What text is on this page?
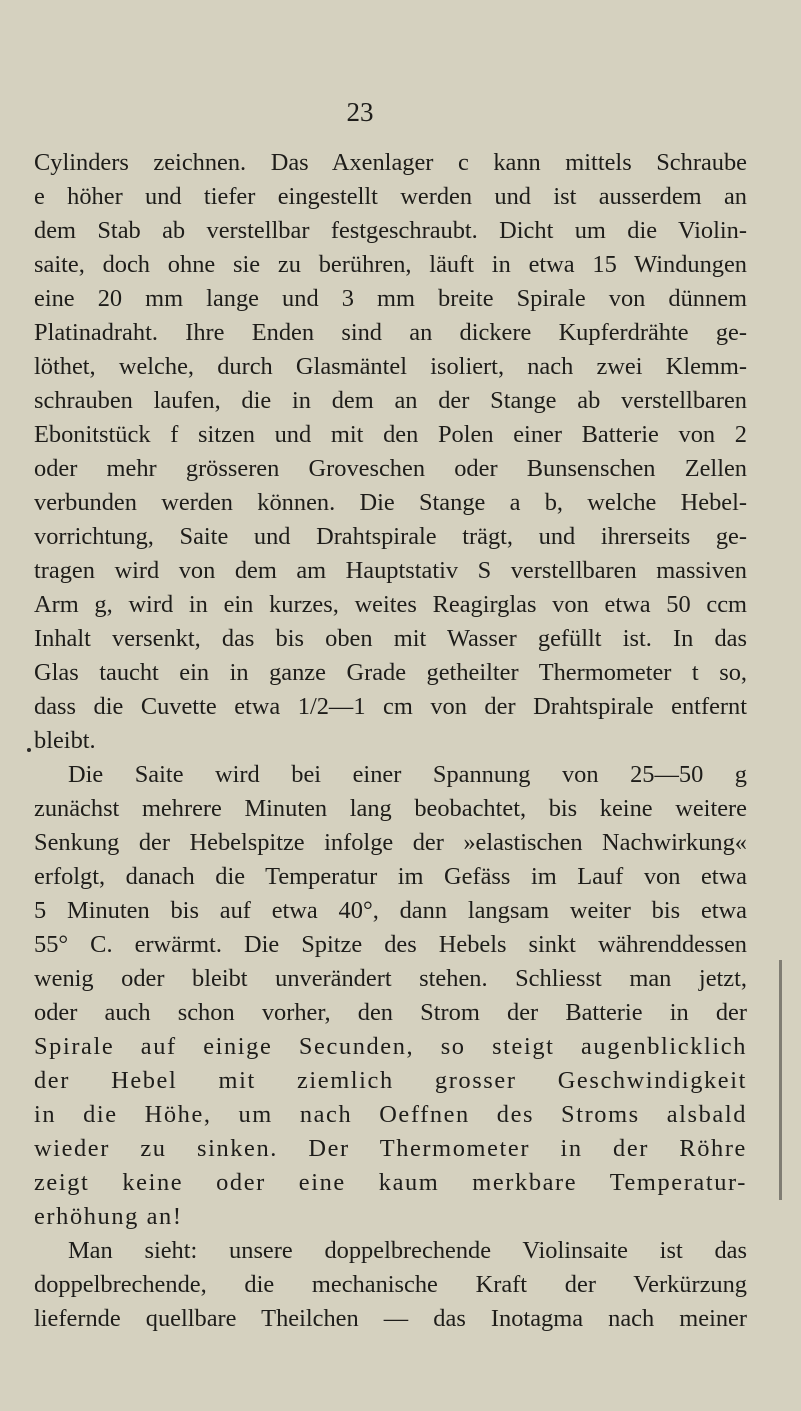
23
Cylinders zeichnen. Das Axenlager c kann mittels Schraube
e höher und tiefer eingestellt werden und ist ausserdem an
dem Stab ab verstellbar festgeschraubt. Dicht um die Violin-
saite, doch ohne sie zu berühren, läuft in etwa 15 Windungen
eine 20 mm lange und 3 mm breite Spirale von dünnem
Platinadraht. Ihre Enden sind an dickere Kupferdrähte ge-
löthet, welche, durch Glasmäntel isoliert, nach zwei Klemm-
schrauben laufen, die in dem an der Stange ab verstellbaren
Ebonitstück f sitzen und mit den Polen einer Batterie von 2
oder mehr grösseren Groveschen oder Bunsenschen Zellen
verbunden werden können. Die Stange a b, welche Hebel-
vorrichtung, Saite und Drahtspirale trägt, und ihrerseits ge-
tragen wird von dem am Hauptstativ S verstellbaren massiven
Arm g, wird in ein kurzes, weites Reagirglas von etwa 50 ccm
Inhalt versenkt, das bis oben mit Wasser gefüllt ist. In das
Glas taucht ein in ganze Grade getheilter Thermometer t so,
dass die Cuvette etwa 1/2—1 cm von der Drahtspirale entfernt
bleibt.
Die Saite wird bei einer Spannung von 25—50 g
zunächst mehrere Minuten lang beobachtet, bis keine weitere
Senkung der Hebelspitze infolge der »elastischen Nachwirkung«
erfolgt, danach die Temperatur im Gefäss im Lauf von etwa
5 Minuten bis auf etwa 40°, dann langsam weiter bis etwa
55° C. erwärmt. Die Spitze des Hebels sinkt währenddessen
wenig oder bleibt unverändert stehen. Schliesst man jetzt,
oder auch schon vorher, den Strom der Batterie in der
Spirale auf einige Secunden, so steigt augenblicklich
der Hebel mit ziemlich grosser Geschwindigkeit
in die Höhe, um nach Oeffnen des Stroms alsbald
wieder zu sinken. Der Thermometer in der Röhre
zeigt keine oder eine kaum merkbare Temperatur-
erhöhung an!
Man sieht: unsere doppelbrechende Violinsaite ist das
doppelbrechende, die mechanische Kraft der Verkürzung
liefernde quellbare Theilchen — das Inotagma nach meiner
